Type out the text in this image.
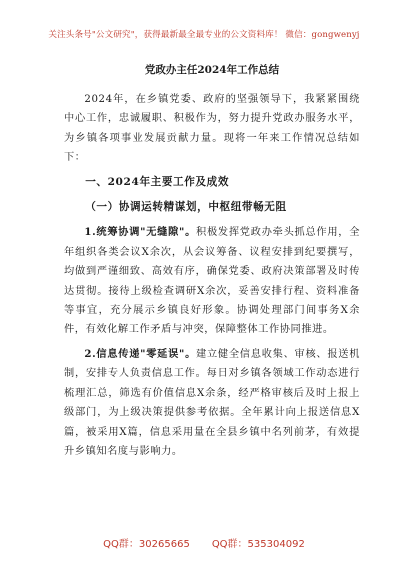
关注头条号"公文研究"，获得最新最全最专业的公文资料库！ 微信：gongwenyj
党政办主任2024年工作总结

2024年，在乡镇党委、政府的坚强领导下，我紧紧围绕中心工作，忠诚履职、积极作为，努力提升党政办服务水平，为乡镇各项事业发展贡献力量。现将一年来工作情况总结如下：

一、2024年主要工作及成效
（一）协调运转精谋划，中枢纽带畅无阻

1.统筹协调"无缝隙"。积极发挥党政办牵头抓总作用，全年组织各类会议X余次，从会议筹备、议程安排到纪要撰写，均做到严谨细致、高效有序，确保党委、政府决策部署及时传达贯彻。接待上级检查调研X余次，妥善安排行程、资料准备等事宜，充分展示乡镇良好形象。协调处理部门间事务X余件，有效化解工作矛盾与冲突，保障整体工作协同推进。

2.信息传递"零延误"。建立健全信息收集、审核、报送机制，安排专人负责信息工作。每日对乡镇各领域工作动态进行梳理汇总，筛选有价值信息X余条，经严格审核后及时上报上级部门，为上级决策提供参考依据。全年累计向上报送信息X篇，被采用X篇，信息采用量在全县乡镇中名列前茅，有效提升乡镇知名度与影响力。

QQ群：30265665 QQ群：535304092
